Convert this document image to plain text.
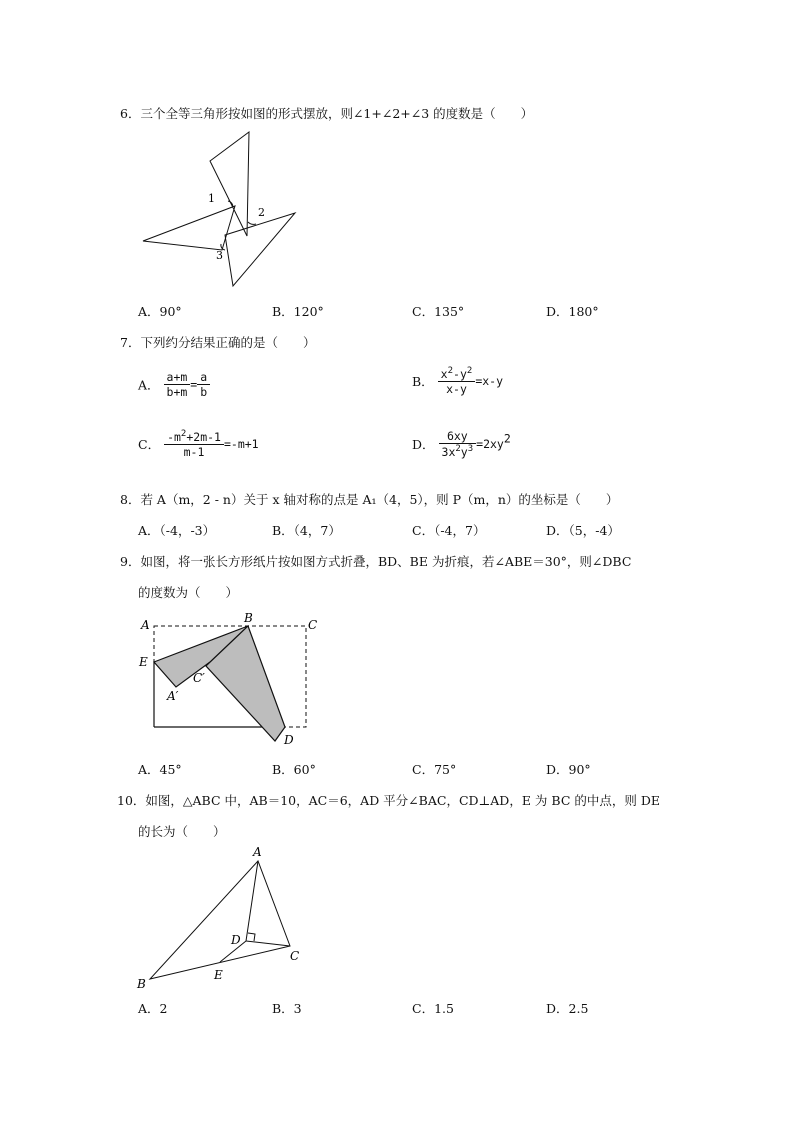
6．三个全等三角形按如图的形式摆放，则∠1+∠2+∠3 的度数是（　　）
1
2
3
A．90°	B．120°	C．135°	D．180°
7．下列约分结果正确的是（　　）
A． $\frac{a+m}{b+m} = \frac{a}{b}$	B． $\frac{x^2-y^2}{x-y} =x-y$
C． $\frac{-m^2+2m-1}{m-1} =-m+1$	D． $\frac{6xy}{3x^2y^3} =2xy^2$
8．若 A（m，2 - n）关于 x 轴对称的点是 A₁（4，5），则 P（m，n）的坐标是（　　）
A．（-4，-3）	B．（4，7）	C．（-4，7）	D．（5，-4）
9．如图，将一张长方形纸片按如图方式折叠，BD、BE 为折痕，若∠ABE＝30°，则∠DBC
的度数为（　　）
A	B	C
E
A′
C′
D
A．45°	B．60°	C．75°	D．90°
10．如图，△ABC 中，AB＝10，AC＝6，AD 平分∠BAC，CD⊥AD，E 为 BC 的中点，则 DE
的长为（　　）
A
B
C
D
E
A．2	B．3	C．1.5	D．2.5
